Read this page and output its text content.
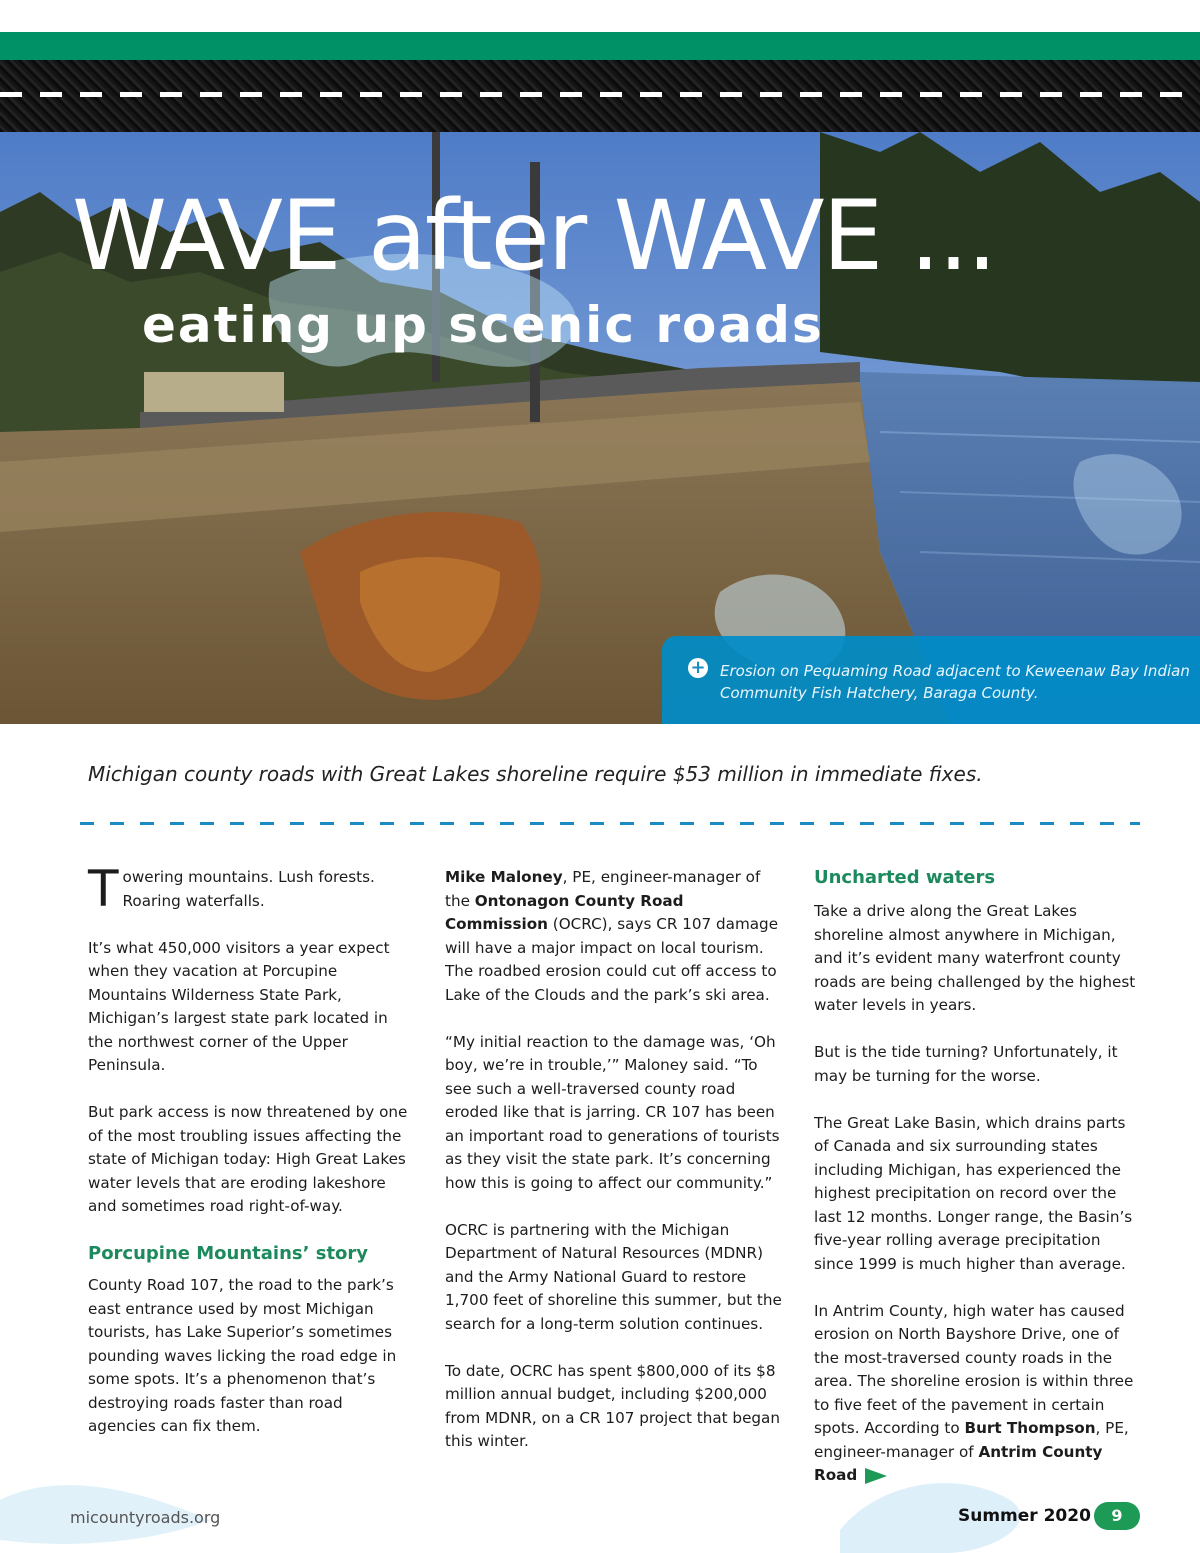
WAVE after WAVE ...
eating up scenic roads
+ Erosion on Pequaming Road adjacent to Keweenaw Bay Indian Community Fish Hatchery, Baraga County.
Michigan county roads with Great Lakes shoreline require $53 million in immediate fixes.

Towering mountains. Lush forests. Roaring waterfalls.

It’s what 450,000 visitors a year expect when they vacation at Porcupine Mountains Wilderness State Park, Michigan’s largest state park located in the northwest corner of the Upper Peninsula.

But park access is now threatened by one of the most troubling issues affecting the state of Michigan today: High Great Lakes water levels that are eroding lakeshore and sometimes road right-of-way.

Porcupine Mountains’ story

County Road 107, the road to the park’s east entrance used by most Michigan tourists, has Lake Superior’s sometimes pounding waves licking the road edge in some spots. It’s a phenomenon that’s destroying roads faster than road agencies can fix them.

Mike Maloney, PE, engineer-manager of the Ontonagon County Road Commission (OCRC), says CR 107 damage will have a major impact on local tourism. The roadbed erosion could cut off access to Lake of the Clouds and the park’s ski area.

“My initial reaction to the damage was, ‘Oh boy, we’re in trouble,’” Maloney said. “To see such a well-traversed county road eroded like that is jarring. CR 107 has been an important road to generations of tourists as they visit the state park. It’s concerning how this is going to affect our community.”

OCRC is partnering with the Michigan Department of Natural Resources (MDNR) and the Army National Guard to restore 1,700 feet of shoreline this summer, but the search for a long-term solution continues.

To date, OCRC has spent $800,000 of its $8 million annual budget, including $200,000 from MDNR, on a CR 107 project that began this winter.

Uncharted waters

Take a drive along the Great Lakes shoreline almost anywhere in Michigan, and it’s evident many waterfront county roads are being challenged by the highest water levels in years.

But is the tide turning? Unfortunately, it may be turning for the worse.

The Great Lake Basin, which drains parts of Canada and six surrounding states including Michigan, has experienced the highest precipitation on record over the last 12 months. Longer range, the Basin’s five-year rolling average precipitation since 1999 is much higher than average.

In Antrim County, high water has caused erosion on North Bayshore Drive, one of the most-traversed county roads in the area. The shoreline erosion is within three to five feet of the pavement in certain spots. According to Burt Thompson, PE, engineer-manager of Antrim County Road

micountyroads.org	Summer 2020	9
